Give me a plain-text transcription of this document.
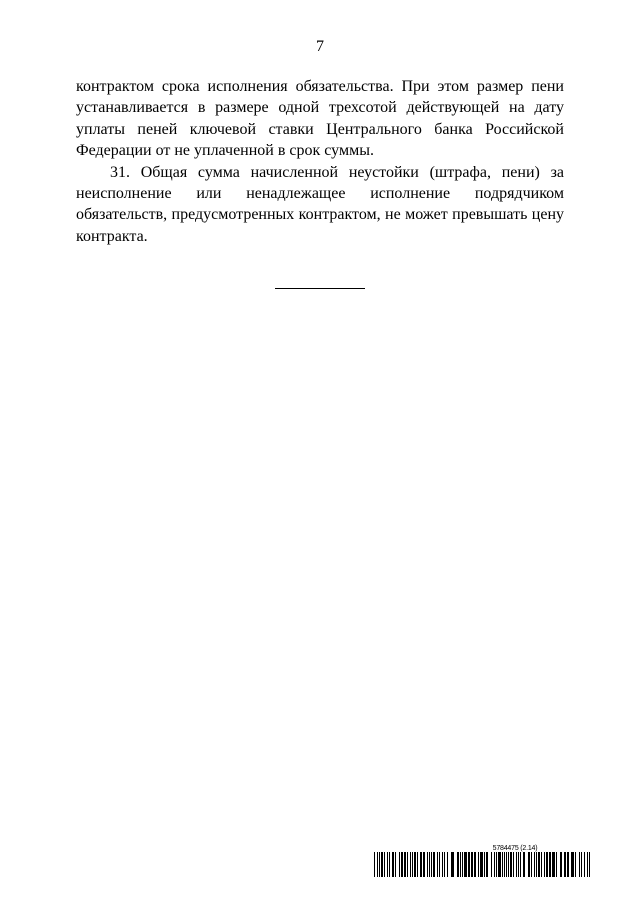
7

контрактом срока исполнения обязательства. При этом размер пени устанавливается в размере одной трехсотой действующей на дату уплаты пеней ключевой ставки Центрального банка Российской Федерации от не уплаченной в срок суммы.

31. Общая сумма начисленной неустойки (штрафа, пени) за неисполнение или ненадлежащее исполнение подрядчиком обязательств, предусмотренных контрактом, не может превышать цену контракта.

5784475 (2.14)
